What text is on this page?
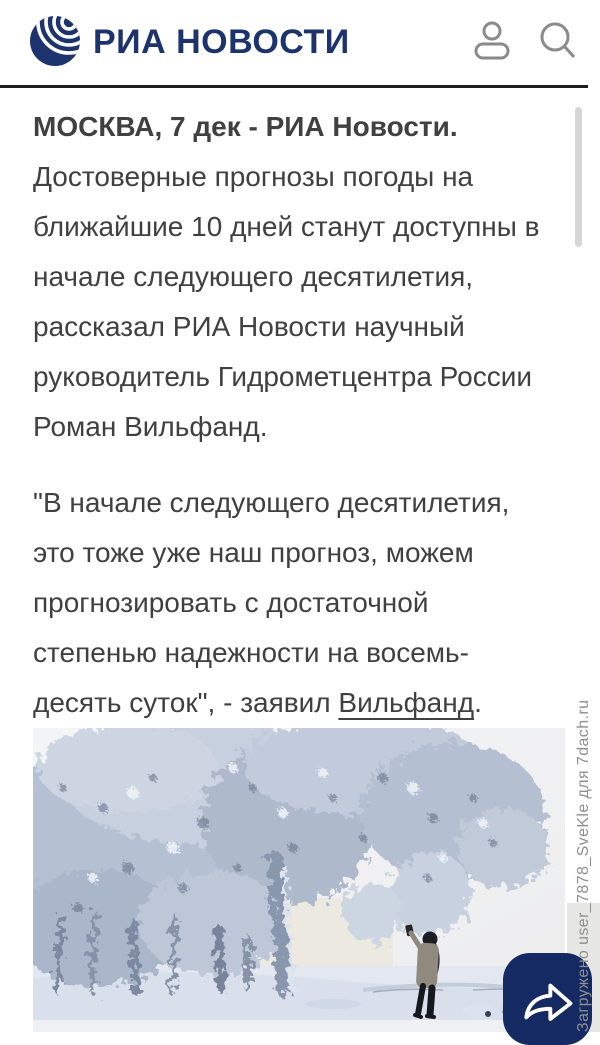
РИА НОВОСТИ
МОСКВА, 7 дек - РИА Новости.
Достоверные прогнозы погоды на
ближайшие 10 дней станут доступны в
начале следующего десятилетия,
рассказал РИА Новости научный
руководитель Гидрометцентра России
Роман Вильфанд.
"В начале следующего десятилетия,
это тоже уже наш прогноз, можем
прогнозировать с достаточной
степенью надежности на восемь-
десять суток", - заявил Вильфанд.	Загружено user_7878_SveKle для 7dach.ru
